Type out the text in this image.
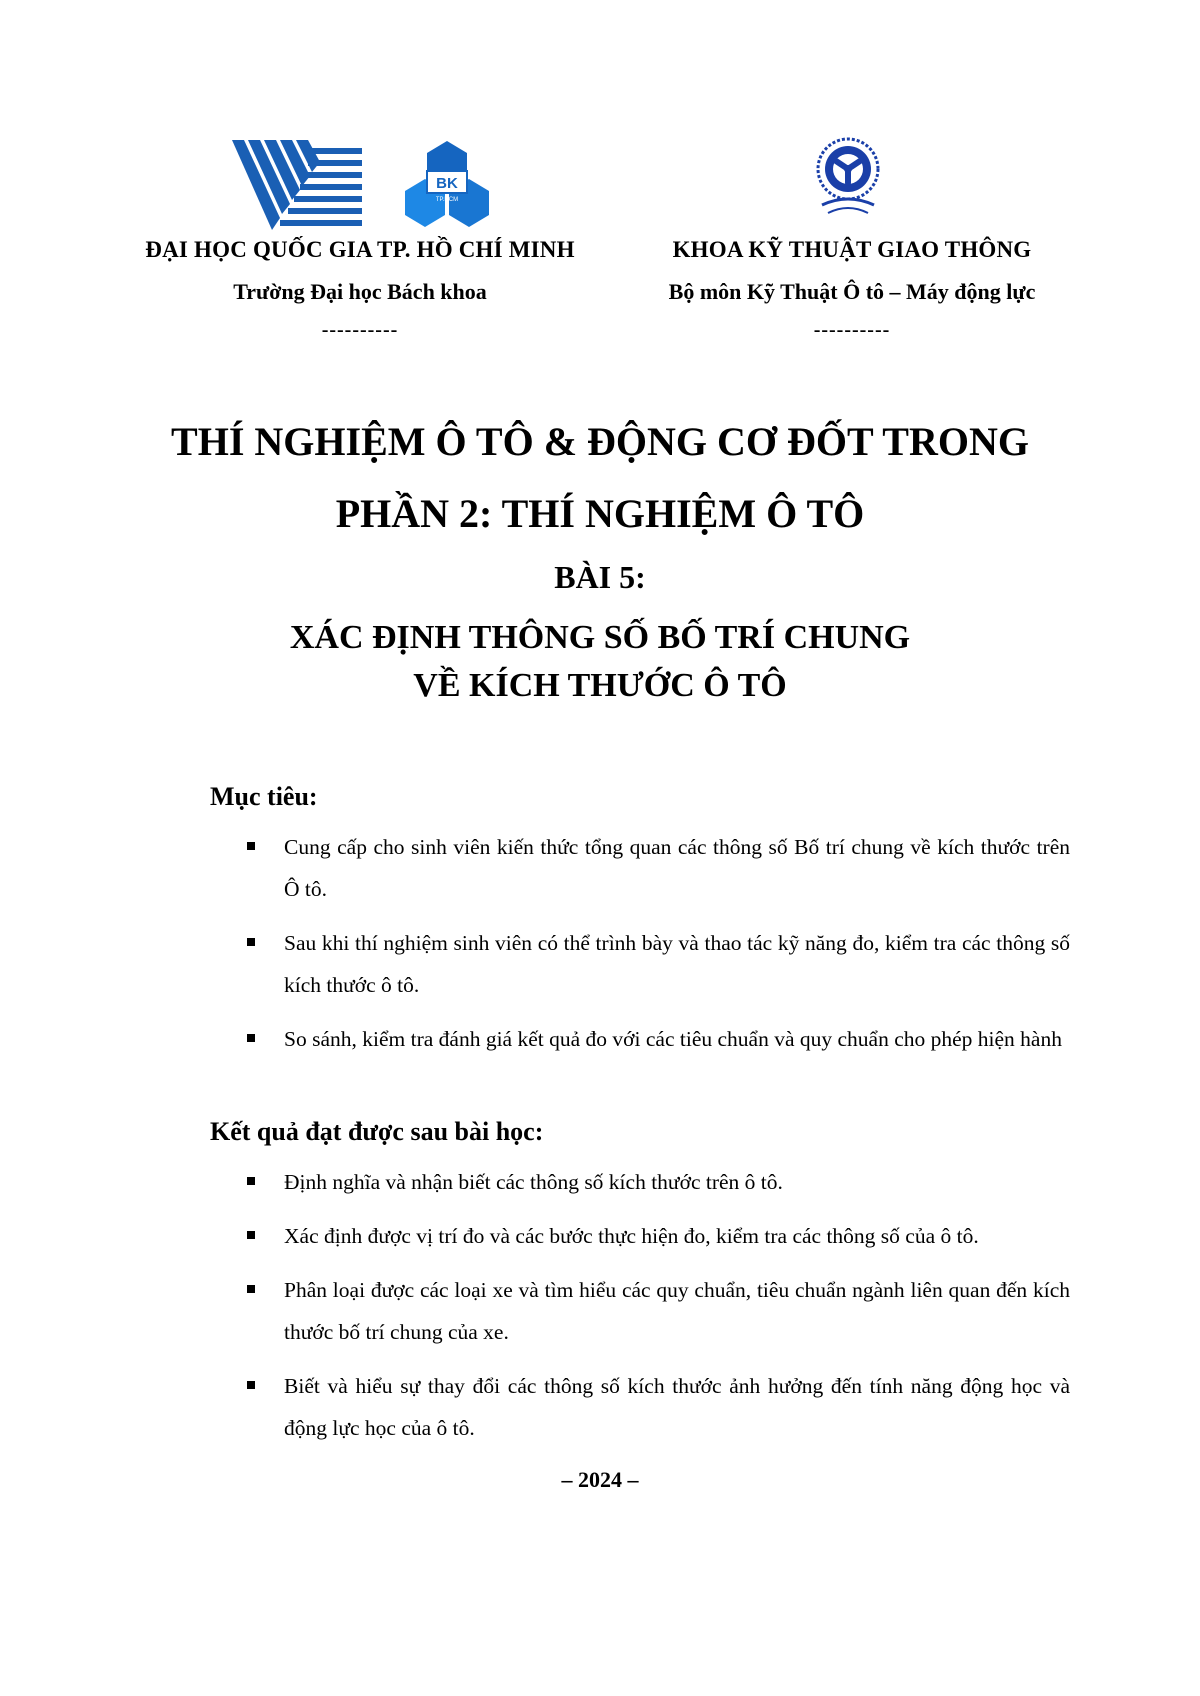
BK
TP.HCM
ĐẠI HỌC QUỐC GIA TP. HỒ CHÍ MINH
Trường Đại học Bách khoa
----------
KHOA KỸ THUẬT GIAO THÔNG
Bộ môn Kỹ Thuật Ô tô – Máy động lực
----------
THÍ NGHIỆM Ô TÔ & ĐỘNG CƠ ĐỐT TRONG
PHẦN 2: THÍ NGHIỆM Ô TÔ
BÀI 5:
XÁC ĐỊNH THÔNG SỐ BỐ TRÍ CHUNG
VỀ KÍCH THƯỚC Ô TÔ
Mục tiêu:
Cung cấp cho sinh viên kiến thức tổng quan các thông số Bố trí chung về kích thước trên Ô tô.
Sau khi thí nghiệm sinh viên có thể trình bày và thao tác kỹ năng đo, kiểm tra các thông số kích thước ô tô.
So sánh, kiểm tra đánh giá kết quả đo với các tiêu chuẩn và quy chuẩn cho phép hiện hành
Kết quả đạt được sau bài học:
Định nghĩa và nhận biết các thông số kích thước trên ô tô.
Xác định được vị trí đo và các bước thực hiện đo, kiểm tra các thông số của ô tô.
Phân loại được các loại xe và tìm hiểu các quy chuẩn, tiêu chuẩn ngành liên quan đến kích thước bố trí chung của xe.
Biết và hiểu sự thay đổi các thông số kích thước ảnh hưởng đến tính năng động học và động lực học của ô tô.
– 2024 –
